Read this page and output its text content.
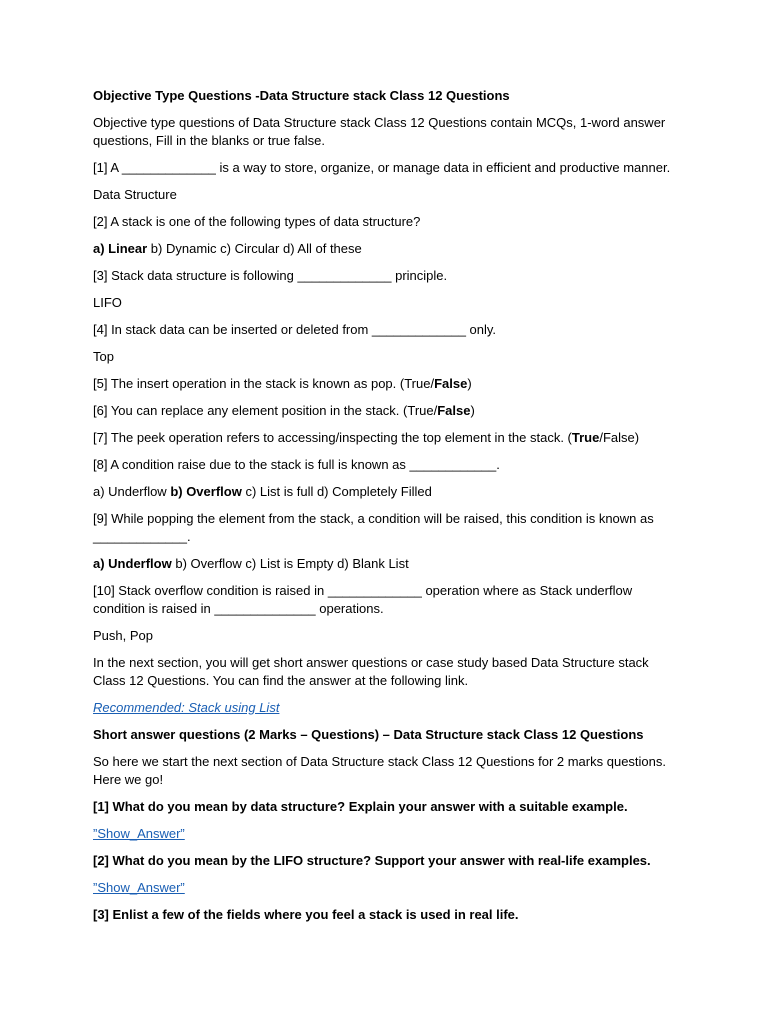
Objective Type Questions -Data Structure stack Class 12 Questions

Objective type questions of Data Structure stack Class 12 Questions contain MCQs, 1-word answer questions, Fill in the blanks or true false.

[1] A _____________ is a way to store, organize, or manage data in efficient and productive manner.

Data Structure

[2] A stack is one of the following types of data structure?

a) Linear b) Dynamic c) Circular d) All of these

[3] Stack data structure is following _____________ principle.

LIFO

[4] In stack data can be inserted or deleted from _____________ only.

Top

[5] The insert operation in the stack is known as pop. (True/False)

[6] You can replace any element position in the stack. (True/False)

[7] The peek operation refers to accessing/inspecting the top element in the stack. (True/False)

[8] A condition raise due to the stack is full is known as ____________.

a) Underflow b) Overflow c) List is full d) Completely Filled

[9] While popping the element from the stack, a condition will be raised, this condition is known as _____________.

a) Underflow b) Overflow c) List is Empty d) Blank List

[10] Stack overflow condition is raised in _____________ operation where as Stack underflow condition is raised in ______________ operations.

Push, Pop

In the next section, you will get short answer questions or case study based Data Structure stack Class 12 Questions. You can find the answer at the following link.

Recommended: Stack using List

Short answer questions (2 Marks – Questions) – Data Structure stack Class 12 Questions

So here we start the next section of Data Structure stack Class 12 Questions for 2 marks questions. Here we go!

[1] What do you mean by data structure? Explain your answer with a suitable example.

”Show_Answer”

[2] What do you mean by the LIFO structure? Support your answer with real-life examples.

”Show_Answer”

[3] Enlist a few of the fields where you feel a stack is used in real life.
